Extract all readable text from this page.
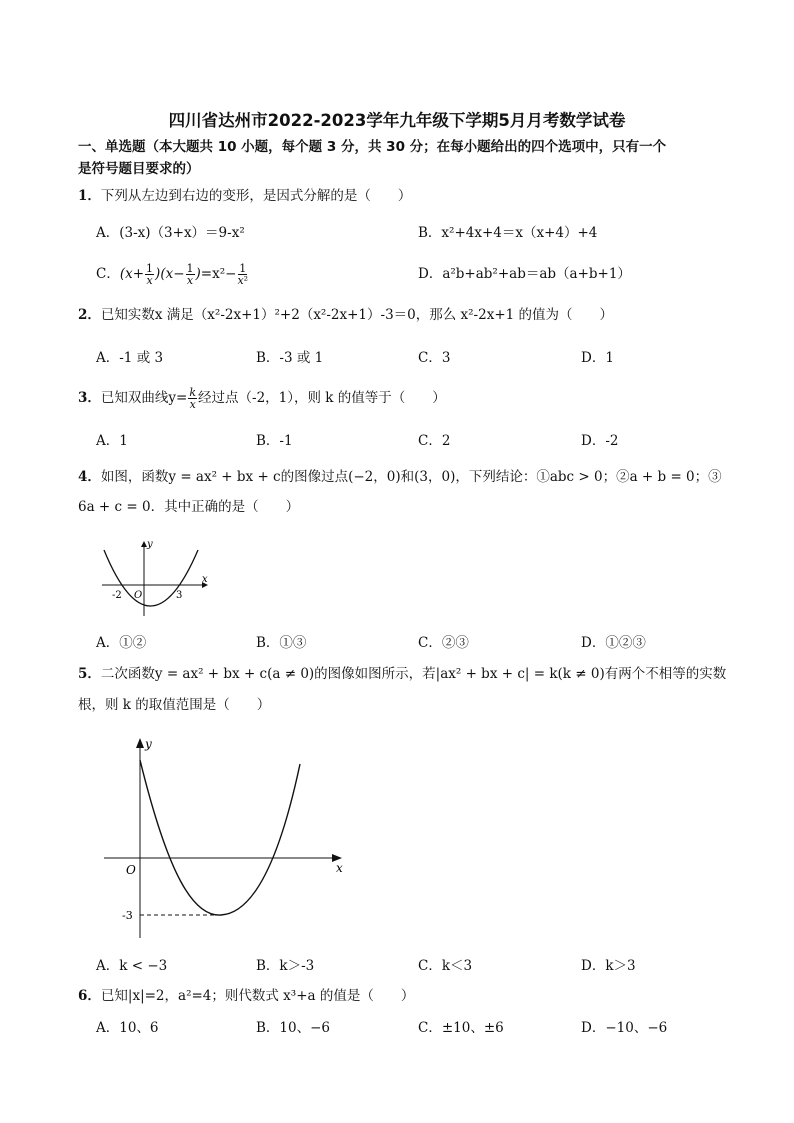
四川省达州市2022-2023学年九年级下学期5月月考数学试卷
一、单选题（本大题共 10 小题，每个题 3 分，共 30 分；在每小题给出的四个选项中，只有一个
是符号题目要求的）
1．下列从左边到右边的变形，是因式分解的是（　　）
A．(3-x)（3+x）＝9-x²	B．x²+4x+4＝x（x+4）+4
C．$(x+ \frac{1}{x} )(x- \frac{1}{x} )=x^2- \frac{1}{\text{x²}}$	D．a²b+ab²+ab＝ab（a+b+1）
2．已知实数x 满足（x²-2x+1）²+2（x²-2x+1）-3＝0，那么 x²-2x+1 的值为（　　）
A．-1 或 3	B．-3 或 1	C．3	D．1
3．已知双曲线$y= \frac{k}{x}$ 经过点（-2，1），则 k 的值等于（　　）
A．1	B．-1	C．2	D．-2
4．如图，函数y = ax² + bx + c的图像过点(−2，0)和(3，0)，下列结论：①abc > 0；②a + b = 0；③
6a + c = 0．其中正确的是（　　）
x
y
O
-2	3
A．①②	B．①③	C．②③	D．①②③
5．二次函数y = ax² + bx + c(a ≠ 0)的图像如图所示，若|ax² + bx + c| = k(k ≠ 0)有两个不相等的实数
根，则 k 的取值范围是（　　）
x
y
O
-3
A．k < −3	B．k＞-3	C．k＜3	D．k＞3
6．已知|x|=2，a²=4；则代数式 x³+a 的值是（　　）
A．10、6	B．10、−6	C．±10、±6	D．−10、−6
